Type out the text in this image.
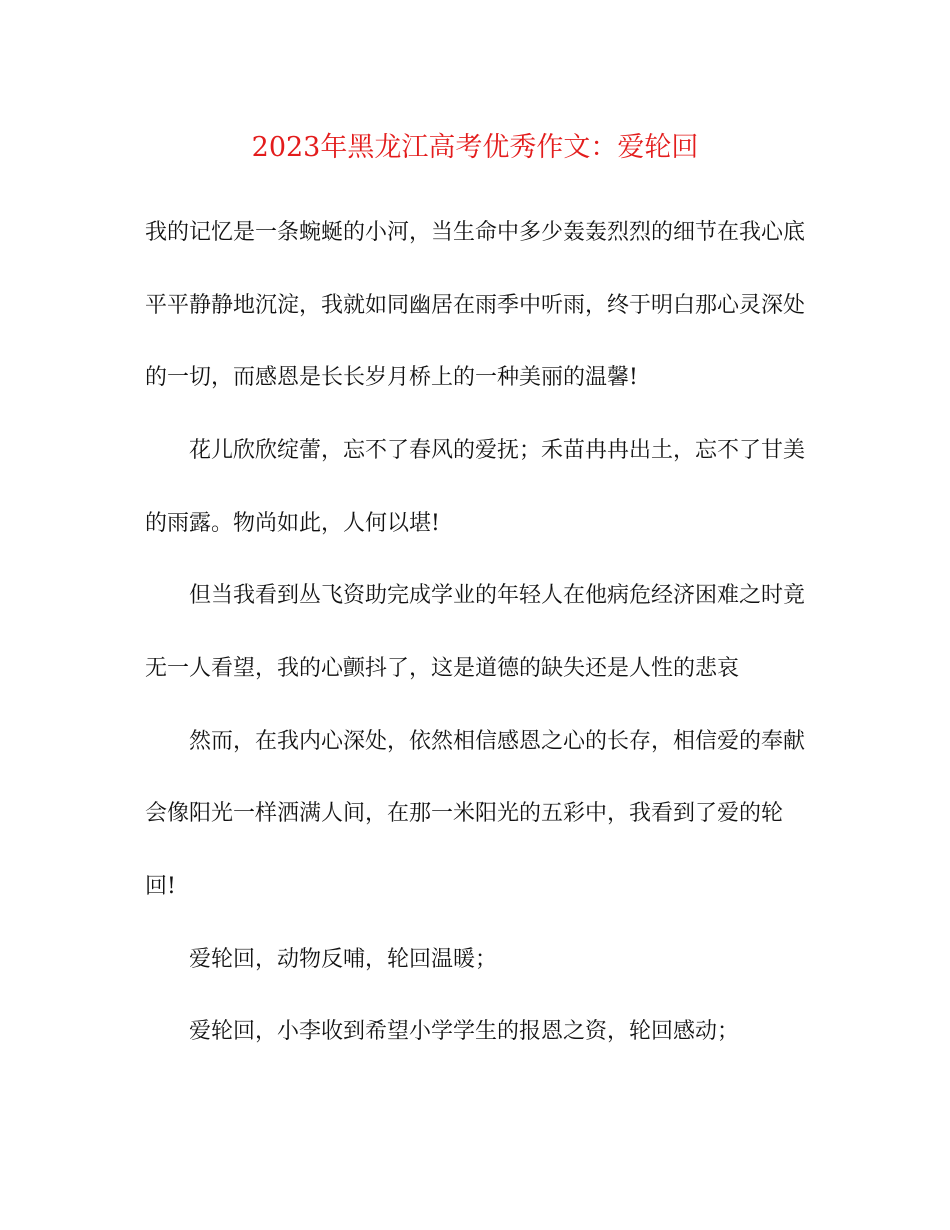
2023年黑龙江高考优秀作文：爱轮回

我的记忆是一条蜿蜒的小河，当生命中多少轰轰烈烈的细节在我心底

平平静静地沉淀，我就如同幽居在雨季中听雨，终于明白那心灵深处

的一切，而感恩是长长岁月桥上的一种美丽的温馨!

花儿欣欣绽蕾，忘不了春风的爱抚；禾苗冉冉出土，忘不了甘美

的雨露。物尚如此，人何以堪!

但当我看到丛飞资助完成学业的年轻人在他病危经济困难之时竟

无一人看望，我的心颤抖了，这是道德的缺失还是人性的悲哀

然而，在我内心深处，依然相信感恩之心的长存，相信爱的奉献

会像阳光一样洒满人间，在那一米阳光的五彩中，我看到了爱的轮

回!

爱轮回，动物反哺，轮回温暖；

爱轮回，小李收到希望小学学生的报恩之资，轮回感动；
